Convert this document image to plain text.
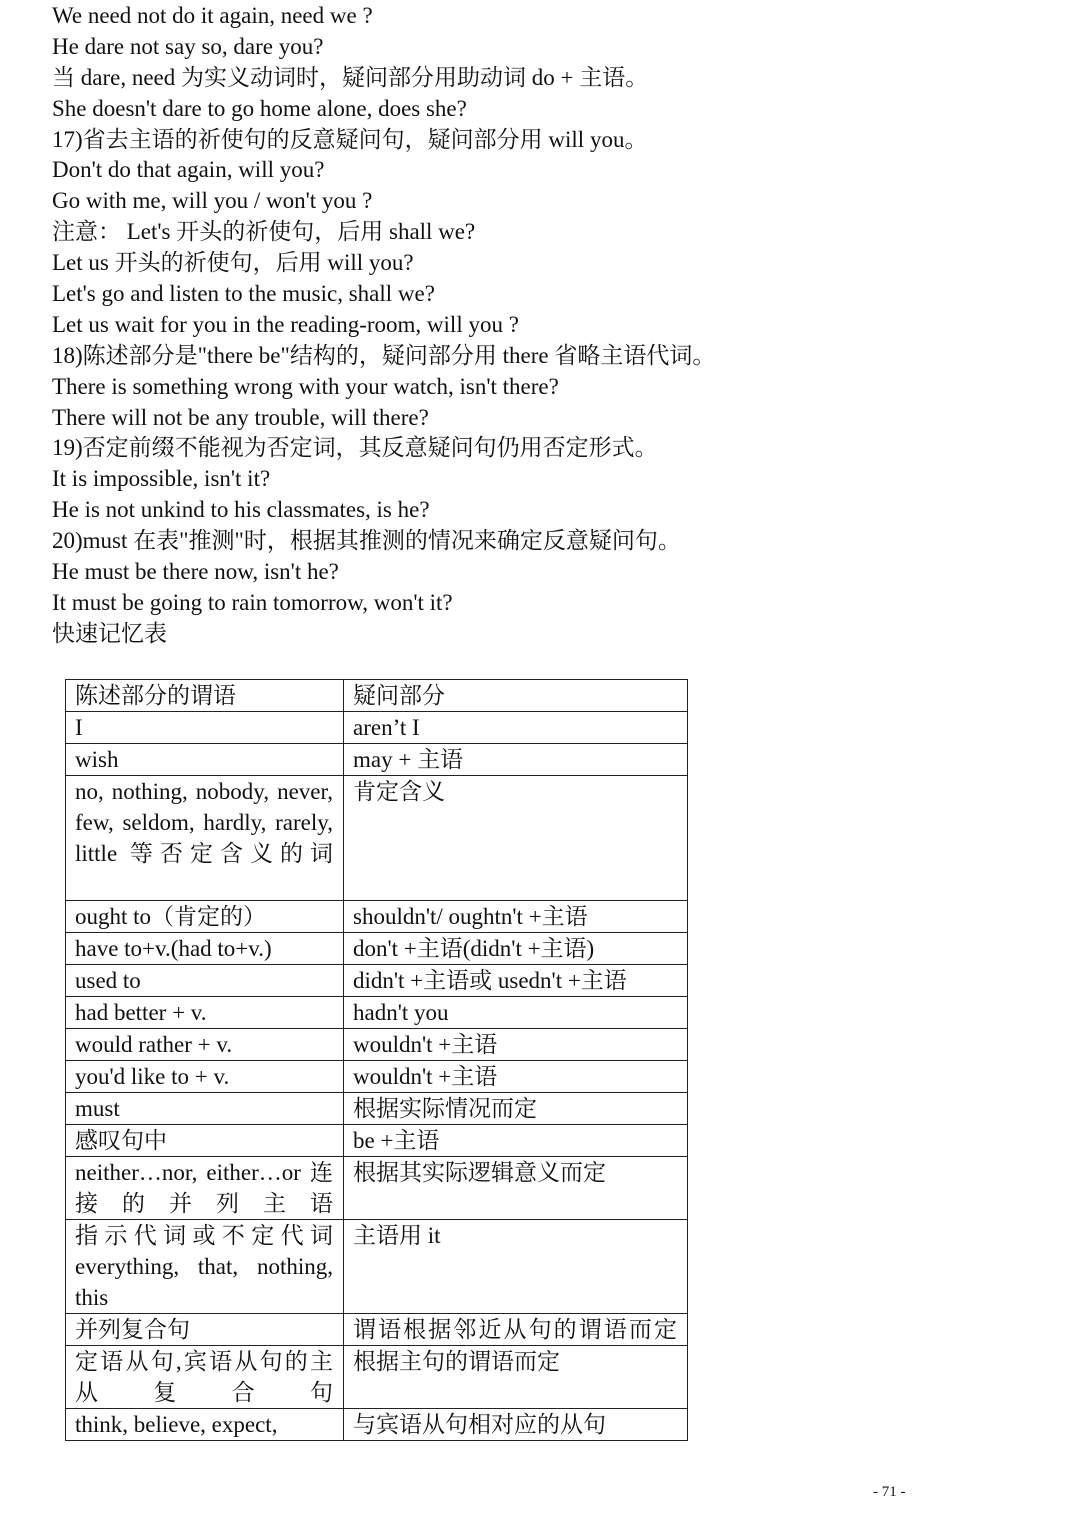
We need not do it again, need we ?
He dare not say so, dare you?
当 dare, need 为实义动词时，疑问部分用助动词 do + 主语。
She doesn't dare to go home alone, does she?
17)省去主语的祈使句的反意疑问句，疑问部分用 will you。
Don't do that again, will you?
Go with me, will you / won't you ?
注意： Let's 开头的祈使句，后用 shall we?
Let us 开头的祈使句，后用 will you?
Let's go and listen to the music, shall we?
Let us wait for you in the reading-room, will you ?
18)陈述部分是"there be"结构的，疑问部分用 there 省略主语代词。
There is something wrong with your watch, isn't there?
There will not be any trouble, will there?
19)否定前缀不能视为否定词，其反意疑问句仍用否定形式。
It is impossible, isn't it?
He is not unkind to his classmates, is he?
20)must 在表"推测"时，根据其推测的情况来确定反意疑问句。
He must be there now, isn't he?
It must be going to rain tomorrow, won't it?
快速记忆表
陈述部分的谓语	疑问部分
I	aren’t I
wish	may + 主语
no, nothing, nobody, never, few, seldom, hardly, rarely, little 等否定含义的词	肯定含义
ought to（肯定的）	shouldn't/ oughtn't +主语
have to+v.(had to+v.)	don't +主语(didn't +主语)
used to	didn't +主语或 usedn't +主语
had better + v.	hadn't you
would rather + v.	wouldn't +主语
you'd like to + v.	wouldn't +主语
must	根据实际情况而定
感叹句中	be +主语
neither…nor, either…or 连接的并列主语	根据其实际逻辑意义而定
指示代词或不定代词 everything, that, nothing, this	主语用 it
并列复合句	谓语根据邻近从句的谓语而定
定语从句,宾语从句的主从复合句	根据主句的谓语而定
think, believe, expect,	与宾语从句相对应的从句
- 71 -
